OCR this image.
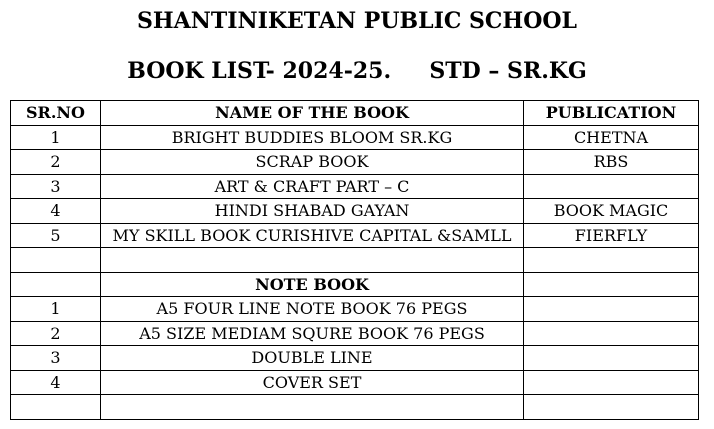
SHANTINIKETAN PUBLIC SCHOOL
BOOK LIST- 2024-25.     STD – SR.KG
SR.NO	NAME OF THE BOOK	PUBLICATION
1	BRIGHT BUDDIES BLOOM SR.KG	CHETNA
2	SCRAP BOOK	RBS
3	ART & CRAFT PART – C	
4	HINDI SHABAD GAYAN	BOOK MAGIC
5	MY SKILL BOOK CURISHIVE CAPITAL &SAMLL	FIERFLY

	NOTE BOOK	
1	A5 FOUR LINE NOTE BOOK 76 PEGS	
2	A5 SIZE MEDIAM SQURE BOOK 76 PEGS	
3	DOUBLE LINE	
4	COVER SET	
